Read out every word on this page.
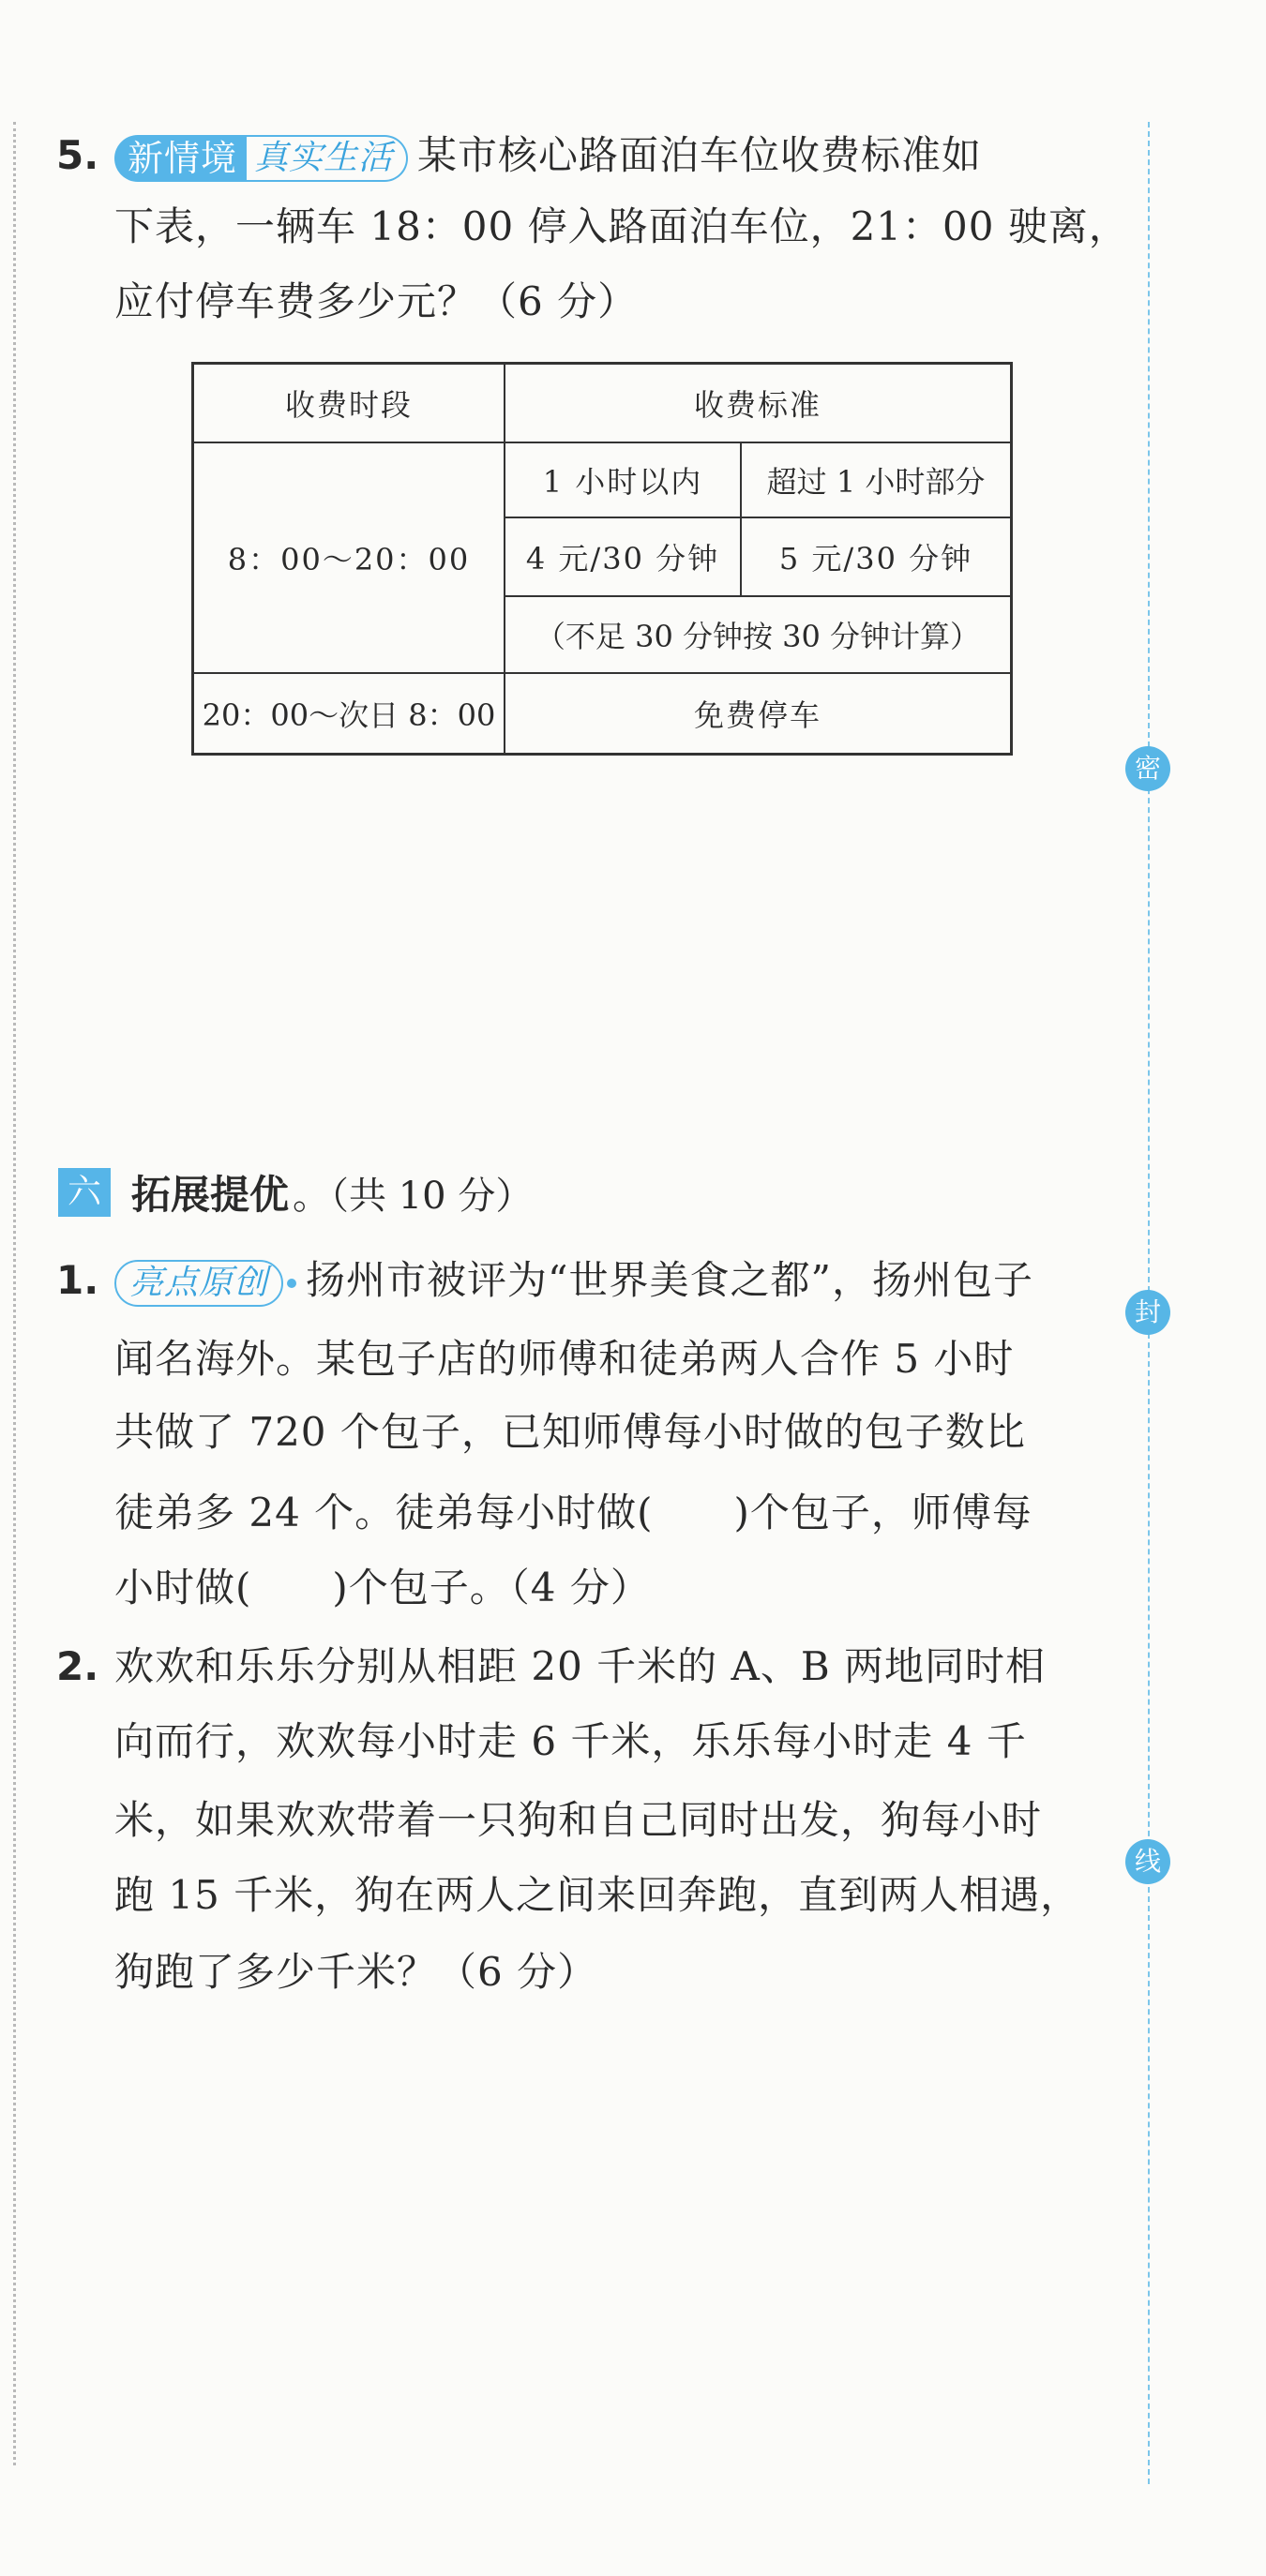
密
封
线
5. 新情境 真实生活 某市核心路面泊车位收费标准如
下表，一辆车 18：00 停入路面泊车位，21：00 驶离，
应付停车费多少元？（6 分）
收费时段	收费标准	
8：00～20：00	1 小时以内	超过 1 小时部分
	4 元/30 分钟	5 元/30 分钟
	（不足 30 分钟按 30 分钟计算）	
20：00～次日 8：00	免费停车	
六 拓展提优 。（共 10 分）
1. 亮点原创 扬州市被评为“世界美食之都”，扬州包子
闻名海外。某包子店的师傅和徒弟两人合作 5 小时
共做了 720 个包子，已知师傅每小时做的包子数比
徒弟多 24 个。徒弟每小时做(　　)个包子，师傅每
小时做(　　)个包子。（4 分）
2. 欢欢和乐乐分别从相距 20 千米的 A、B 两地同时相
向而行，欢欢每小时走 6 千米，乐乐每小时走 4 千
米，如果欢欢带着一只狗和自己同时出发，狗每小时
跑 15 千米，狗在两人之间来回奔跑，直到两人相遇，
狗跑了多少千米？（6 分）
